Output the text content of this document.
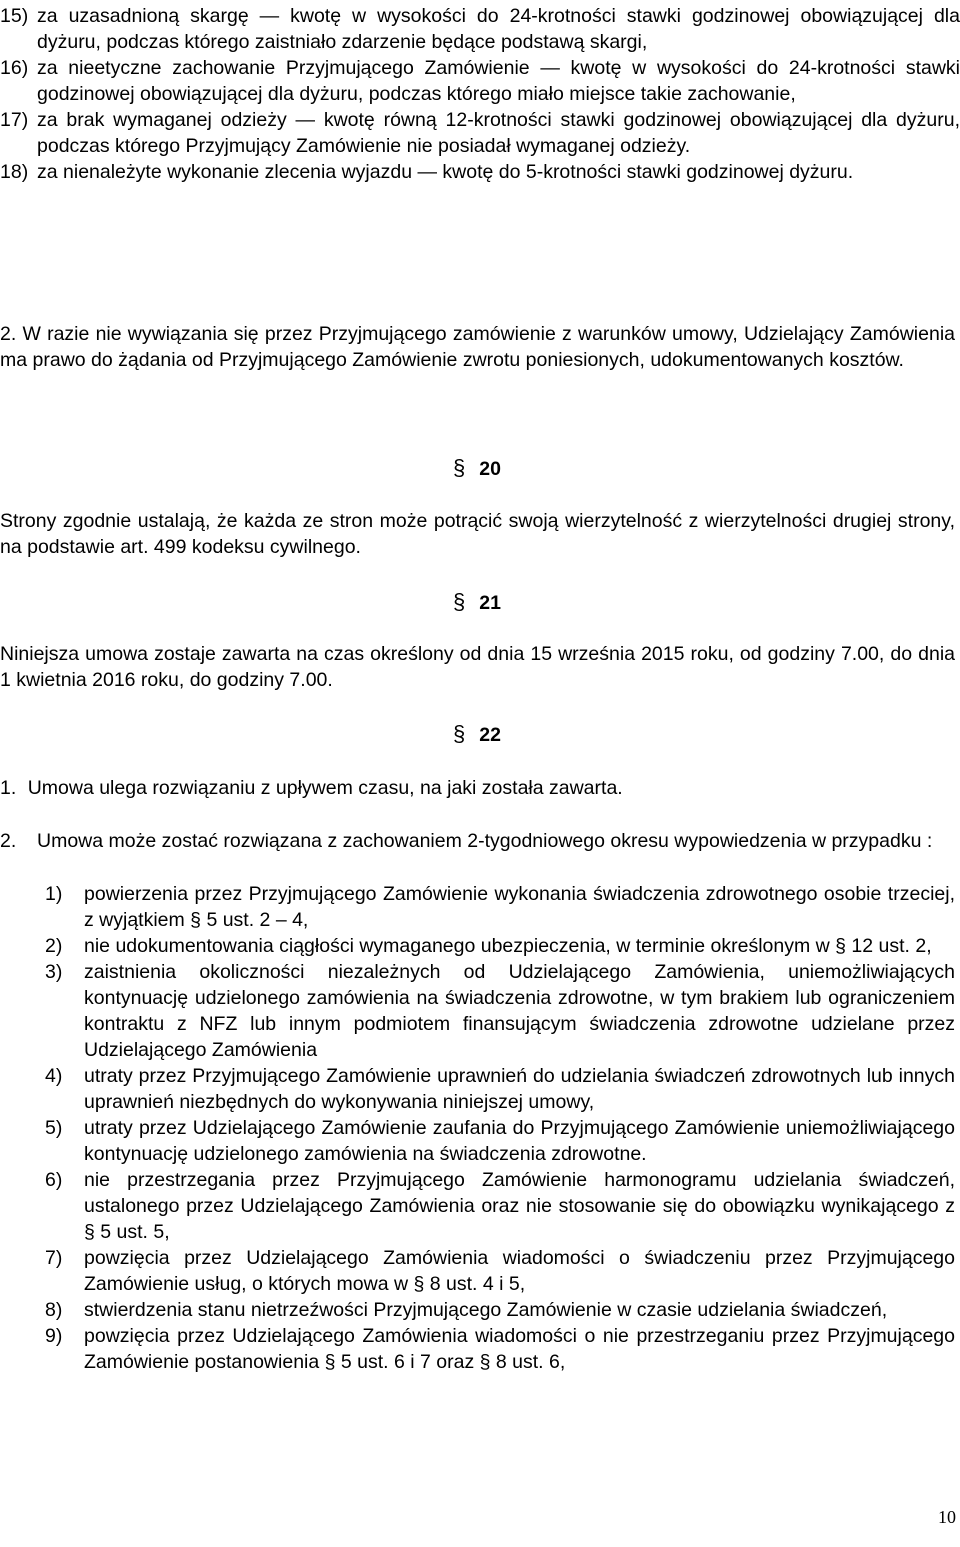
15) za uzasadnioną skargę — kwotę w wysokości do 24-krotności stawki godzinowej obowiązującej dla dyżuru, podczas którego zaistniało zdarzenie będące podstawą skargi,
16) za nieetyczne zachowanie Przyjmującego Zamówienie — kwotę w wysokości do 24-krotności stawki godzinowej obowiązującej dla dyżuru, podczas którego miało miejsce takie zachowanie,
17) za brak wymaganej odzieży — kwotę równą 12-krotności stawki godzinowej obowiązującej dla dyżuru, podczas którego Przyjmujący Zamówienie nie posiadał wymaganej odzieży.
18) za nienależyte wykonanie zlecenia wyjazdu — kwotę do 5-krotności stawki godzinowej dyżuru.

2. W razie nie wywiązania się przez Przyjmującego zamówienie z warunków umowy, Udzielający Zamówienia ma prawo do żądania od Przyjmującego Zamówienie zwrotu poniesionych, udokumentowanych kosztów.

§ 20

Strony zgodnie ustalają, że każda ze stron może potrącić swoją wierzytelność z wierzytelności drugiej strony, na podstawie art. 499 kodeksu cywilnego.

§ 21

Niniejsza umowa zostaje zawarta na czas określony od dnia 15 września 2015 roku, od godziny 7.00, do dnia 1 kwietnia 2016 roku, do godziny 7.00.

§ 22
1. Umowa ulega rozwiązaniu z upływem czasu, na jaki została zawarta.
2. Umowa może zostać rozwiązana z zachowaniem 2-tygodniowego okresu wypowiedzenia w przypadku :
1) powierzenia przez Przyjmującego Zamówienie wykonania świadczenia zdrowotnego osobie trzeciej, z wyjątkiem § 5 ust. 2 – 4,
2) nie udokumentowania ciągłości wymaganego ubezpieczenia, w terminie określonym w § 12 ust. 2,
3) zaistnienia okoliczności niezależnych od Udzielającego Zamówienia, uniemożliwiających kontynuację udzielonego zamówienia na świadczenia zdrowotne, w tym brakiem lub ograniczeniem kontraktu z NFZ lub innym podmiotem finansującym świadczenia zdrowotne udzielane przez Udzielającego Zamówienia
4) utraty przez Przyjmującego Zamówienie uprawnień do udzielania świadczeń zdrowotnych lub innych uprawnień niezbędnych do wykonywania niniejszej umowy,
5) utraty przez Udzielającego Zamówienie zaufania do Przyjmującego Zamówienie uniemożliwiającego kontynuację udzielonego zamówienia na świadczenia zdrowotne.
6) nie przestrzegania przez Przyjmującego Zamówienie harmonogramu udzielania świadczeń, ustalonego przez Udzielającego Zamówienia oraz nie stosowanie się do obowiązku wynikającego z § 5 ust. 5,
7) powzięcia przez Udzielającego Zamówienia wiadomości o świadczeniu przez Przyjmującego Zamówienie usług, o których mowa w § 8 ust. 4 i 5,
8) stwierdzenia stanu nietrzeźwości Przyjmującego Zamówienie w czasie udzielania świadczeń,
9) powzięcia przez Udzielającego Zamówienia wiadomości o nie przestrzeganiu przez Przyjmującego Zamówienie postanowienia § 5 ust. 6 i 7 oraz § 8 ust. 6,
10
